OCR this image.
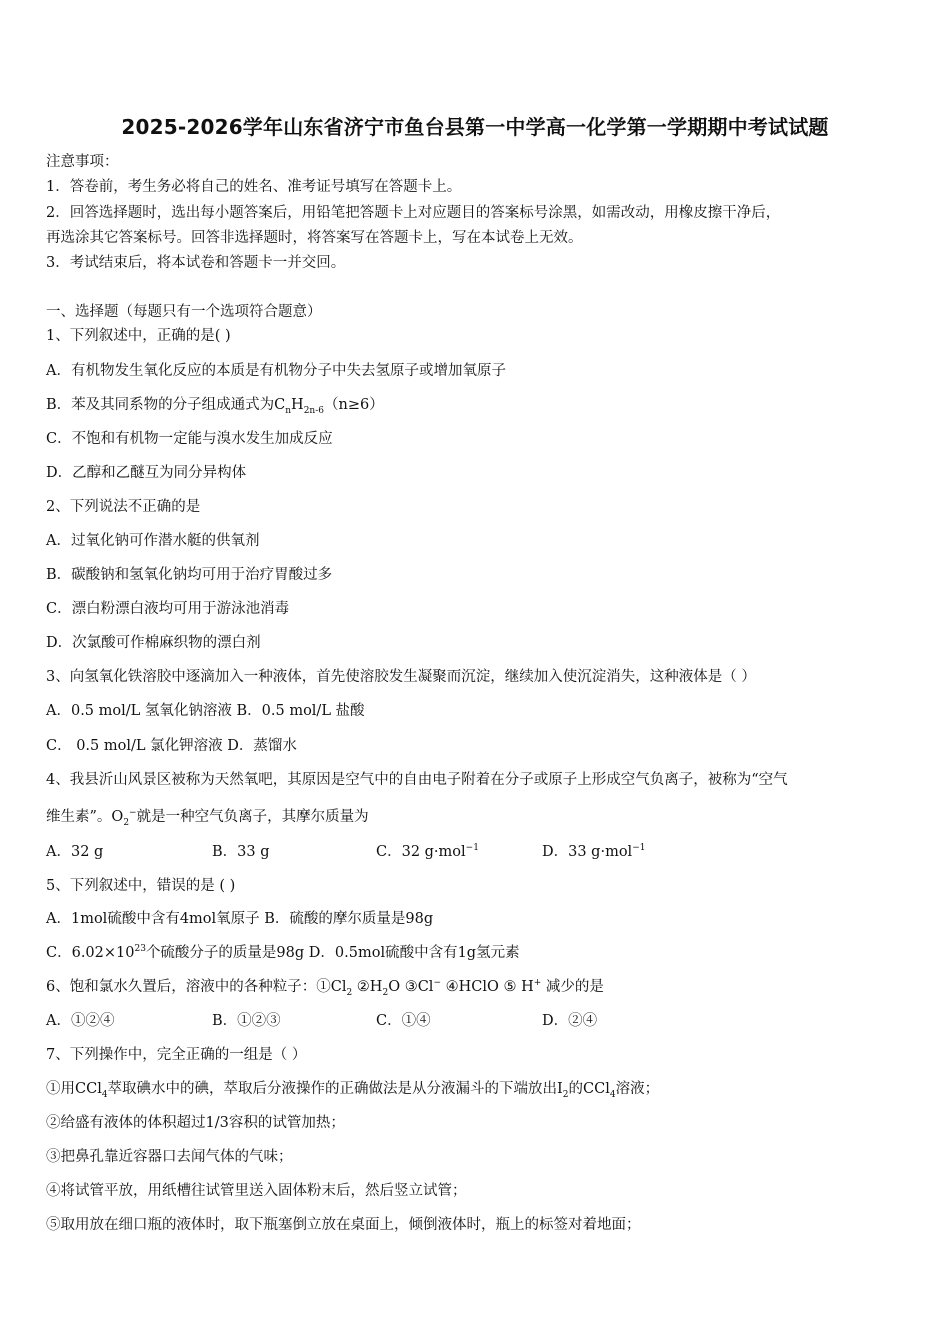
2025-2026学年山东省济宁市鱼台县第一中学高一化学第一学期期中考试试题
注意事项：
1．答卷前，考生务必将自己的姓名、准考证号填写在答题卡上。
2．回答选择题时，选出每小题答案后，用铅笔把答题卡上对应题目的答案标号涂黑，如需改动，用橡皮擦干净后，
再选涂其它答案标号。回答非选择题时，将答案写在答题卡上，写在本试卷上无效。
3．考试结束后，将本试卷和答题卡一并交回。
一、选择题（每题只有一个选项符合题意）
1、下列叙述中，正确的是( )
A．有机物发生氧化反应的本质是有机物分子中失去氢原子或增加氧原子
B．苯及其同系物的分子组成通式为$C_nH_{2n-6}(n\ge 6)$
C．不饱和有机物一定能与溴水发生加成反应
D．乙醇和乙醚互为同分异构体
2、下列说法不正确的是
A．过氧化钠可作潜水艇的供氧剂
B．碳酸钠和氢氧化钠均可用于治疗胃酸过多
C．漂白粉漂白液均可用于游泳池消毒
D．次氯酸可作棉麻织物的漂白剂
3、向氢氧化铁溶胶中逐滴加入一种液体，首先使溶胶发生凝聚而沉淀，继续加入使沉淀消失，这种液体是（ ）
A．0.5 mol/L 氢氧化钠溶液 B．0.5 mol/L 盐酸
C． 0.5 mol/L 氯化钾溶液 D．蒸馏水
4、我县沂山风景区被称为天然氧吧，其原因是空气中的自由电子附着在分子或原子上形成空气负离子，被称为“空气
维生素”。$O_2^-$就是一种空气负离子，其摩尔质量为
A．32 g	B．33 g	C．32 g·mol$^{-1}$	D．33 g·mol$^{-1}$
5、下列叙述中，错误的是 ( )
A．1mol硫酸中含有4mol氧原子 B．硫酸的摩尔质量是98g
C．$6.02\times 10^{23}$个硫酸分子的质量是98g D．0.5mol硫酸中含有1g氢元素
6、饱和氯水久置后，溶液中的各种粒子：$①Cl_2$ $②H_2O$ ③Cl− ④HClO ⑤ H+ 减少的是
A．①②④	B．①②③	C．①④	D．②④
7、下列操作中，完全正确的一组是（ ）
①用CCl$_4$萃取碘水中的碘，萃取后分液操作的正确做法是从分液漏斗的下端放出$I_2$的CCl$_4$溶液；
②给盛有液体的体积超过1/3容积的试管加热；
③把鼻孔靠近容器口去闻气体的气味；
④将试管平放，用纸槽往试管里送入固体粉末后，然后竖立试管；
⑤取用放在细口瓶的液体时，取下瓶塞倒立放在桌面上，倾倒液体时，瓶上的标签对着地面；
